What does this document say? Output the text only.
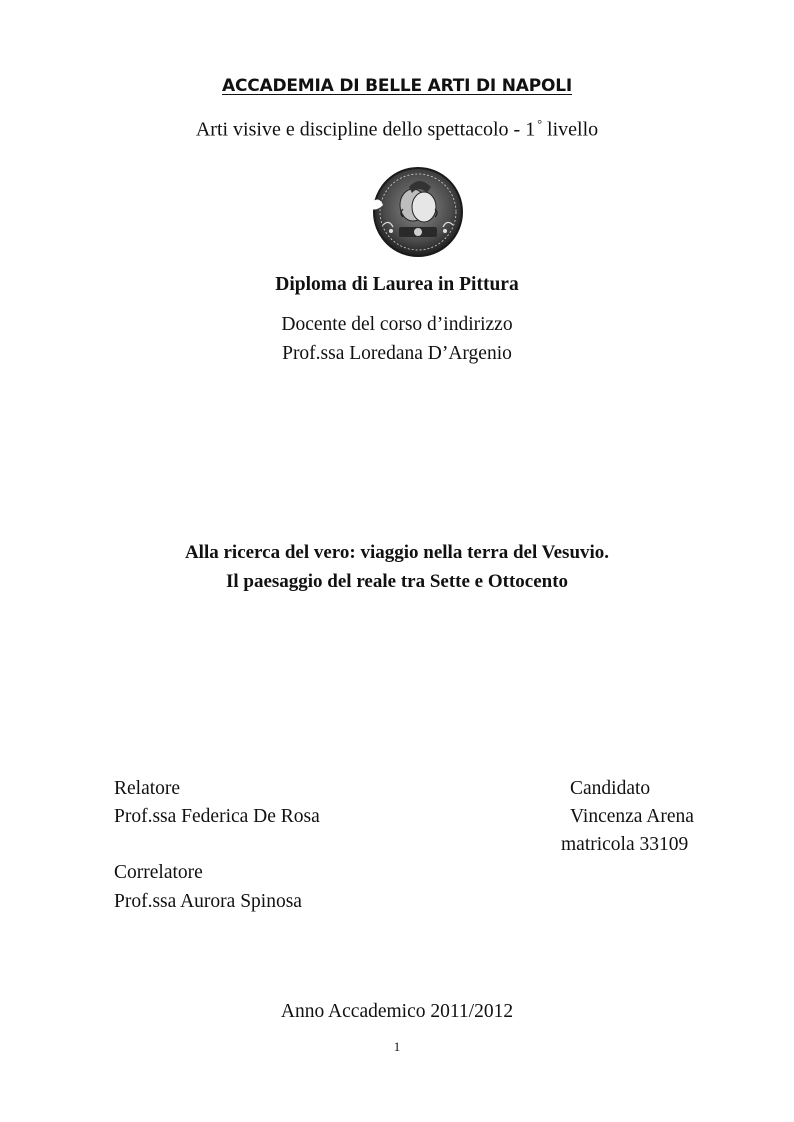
ACCADEMIA DI BELLE ARTI DI NAPOLI
Arti visive e discipline dello spettacolo - 1 ° livello
Diploma di Laurea in Pittura
Docente del corso d’indirizzo
Prof.ssa Loredana D’Argenio
Alla ricerca del vero: viaggio nella terra del Vesuvio.
Il paesaggio del reale tra Sette e Ottocento
Relatore
Prof.ssa Federica De Rosa
Correlatore
Prof.ssa Aurora Spinosa
Candidato
Vincenza Arena
matricola 33109
Anno Accademico 2011/2012
1
